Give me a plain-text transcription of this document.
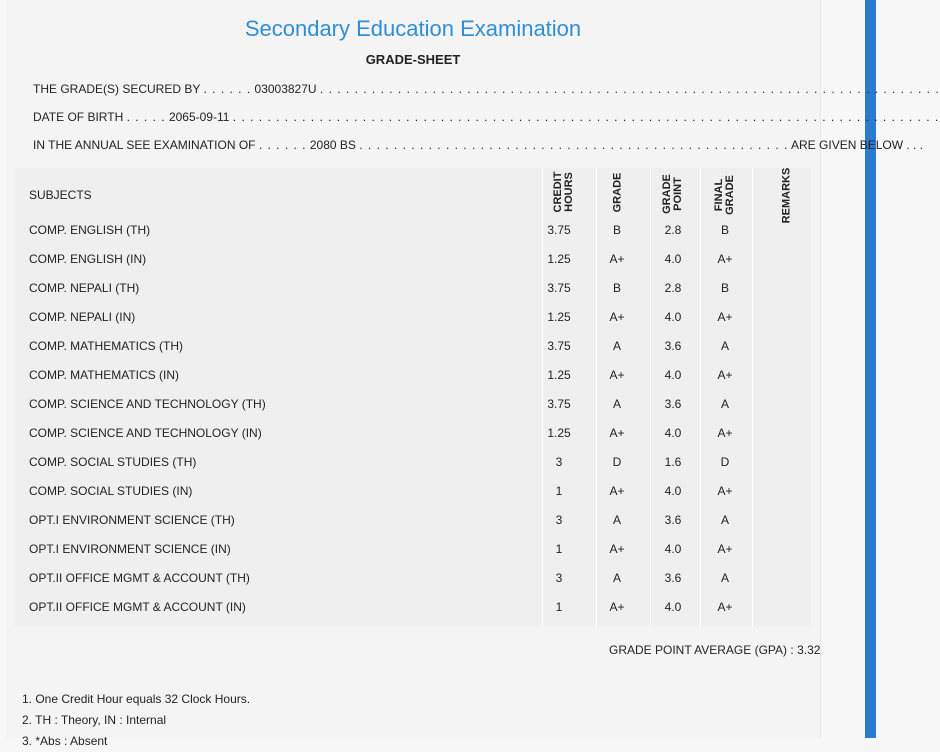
Secondary Education Examination
GRADE-SHEET
THE GRADE(S) SECURED BY . . . . . . 03003827U . . . . . . . . . . . . . . . . . . . . . . . . . . . . . . . . . . . . . . . . . . . . . . . . . . . . . . . . . . . . . . . . . . . . . . . .
DATE OF BIRTH . . . . . 2065-09-11 . . . . . . . . . . . . . . . . . . . . . . . . . . . . . . . . . . . . . . . . . . . . . . . . . . . . . . . . . . . . . . . . . . . . . . . . . . . . . . . . . .
IN THE ANNUAL SEE EXAMINATION OF . . . . . . 2080 BS . . . . . . . . . . . . . . . . . . . . . . . . . . . . . . . . . . . . . . . . . . . . . . . . . . ARE GIVEN BELOW . . .
SUBJECTS	CREDIT HOURS	GRADE	GRADE POINT	FINAL GRADE	REMARKS
COMP. ENGLISH (TH)	3.75	B	2.8	B
COMP. ENGLISH (IN)	1.25	A+	4.0	A+
COMP. NEPALI (TH)	3.75	B	2.8	B
COMP. NEPALI (IN)	1.25	A+	4.0	A+
COMP. MATHEMATICS (TH)	3.75	A	3.6	A
COMP. MATHEMATICS (IN)	1.25	A+	4.0	A+
COMP. SCIENCE AND TECHNOLOGY (TH)	3.75	A	3.6	A
COMP. SCIENCE AND TECHNOLOGY (IN)	1.25	A+	4.0	A+
COMP. SOCIAL STUDIES (TH)	3	D	1.6	D
COMP. SOCIAL STUDIES (IN)	1	A+	4.0	A+
OPT.I ENVIRONMENT SCIENCE (TH)	3	A	3.6	A
OPT.I ENVIRONMENT SCIENCE (IN)	1	A+	4.0	A+
OPT.II OFFICE MGMT & ACCOUNT (TH)	3	A	3.6	A
OPT.II OFFICE MGMT & ACCOUNT (IN)	1	A+	4.0	A+
GRADE POINT AVERAGE (GPA) : 3.32
1. One Credit Hour equals 32 Clock Hours.
2. TH : Theory, IN : Internal
3. *Abs : Absent
